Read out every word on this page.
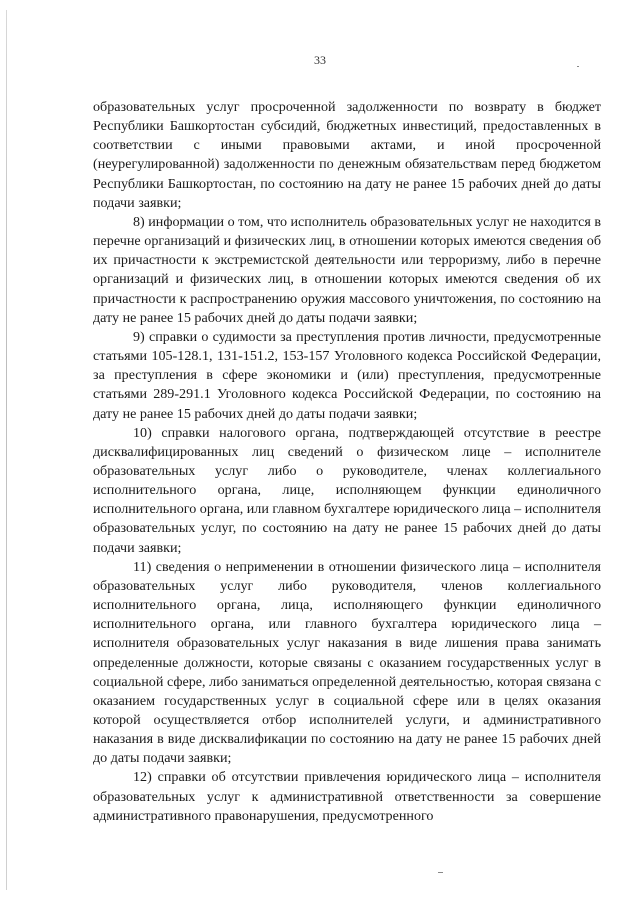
33

образовательных услуг просроченной задолженности по возврату в бюджет Республики Башкортостан субсидий, бюджетных инвестиций, предоставленных в соответствии с иными правовыми актами, и иной просроченной (неурегулированной) задолженности по денежным обязательствам перед бюджетом Республики Башкортостан, по состоянию на дату не ранее 15 рабочих дней до даты подачи заявки;

8) информации о том, что исполнитель образовательных услуг не находится в перечне организаций и физических лиц, в отношении которых имеются сведения об их причастности к экстремистской деятельности или терроризму, либо в перечне организаций и физических лиц, в отношении которых имеются сведения об их причастности к распространению оружия массового уничтожения, по состоянию на дату не ранее 15 рабочих дней до даты подачи заявки;

9) справки о судимости за преступления против личности, предусмотренные статьями 105-128.1, 131-151.2, 153-157 Уголовного кодекса Российской Федерации, за преступления в сфере экономики и (или) преступления, предусмотренные статьями 289-291.1 Уголовного кодекса Российской Федерации, по состоянию на дату не ранее 15 рабочих дней до даты подачи заявки;

10) справки налогового органа, подтверждающей отсутствие в реестре дисквалифицированных лиц сведений о физическом лице – исполнителе образовательных услуг либо о руководителе, членах коллегиального исполнительного органа, лице, исполняющем функции единоличного исполнительного органа, или главном бухгалтере юридического лица – исполнителя образовательных услуг, по состоянию на дату не ранее 15 рабочих дней до даты подачи заявки;

11) сведения о неприменении в отношении физического лица – исполнителя образовательных услуг либо руководителя, членов коллегиального исполнительного органа, лица, исполняющего функции единоличного исполнительного органа, или главного бухгалтера юридического лица – исполнителя образовательных услуг наказания в виде лишения права занимать определенные должности, которые связаны с оказанием государственных услуг в социальной сфере, либо заниматься определенной деятельностью, которая связана с оказанием государственных услуг в социальной сфере или в целях оказания которой осуществляется отбор исполнителей услуги, и административного наказания в виде дисквалификации по состоянию на дату не ранее 15 рабочих дней до даты подачи заявки;

12) справки об отсутствии привлечения юридического лица – исполнителя образовательных услуг к административной ответственности за совершение административного правонарушения, предусмотренного
